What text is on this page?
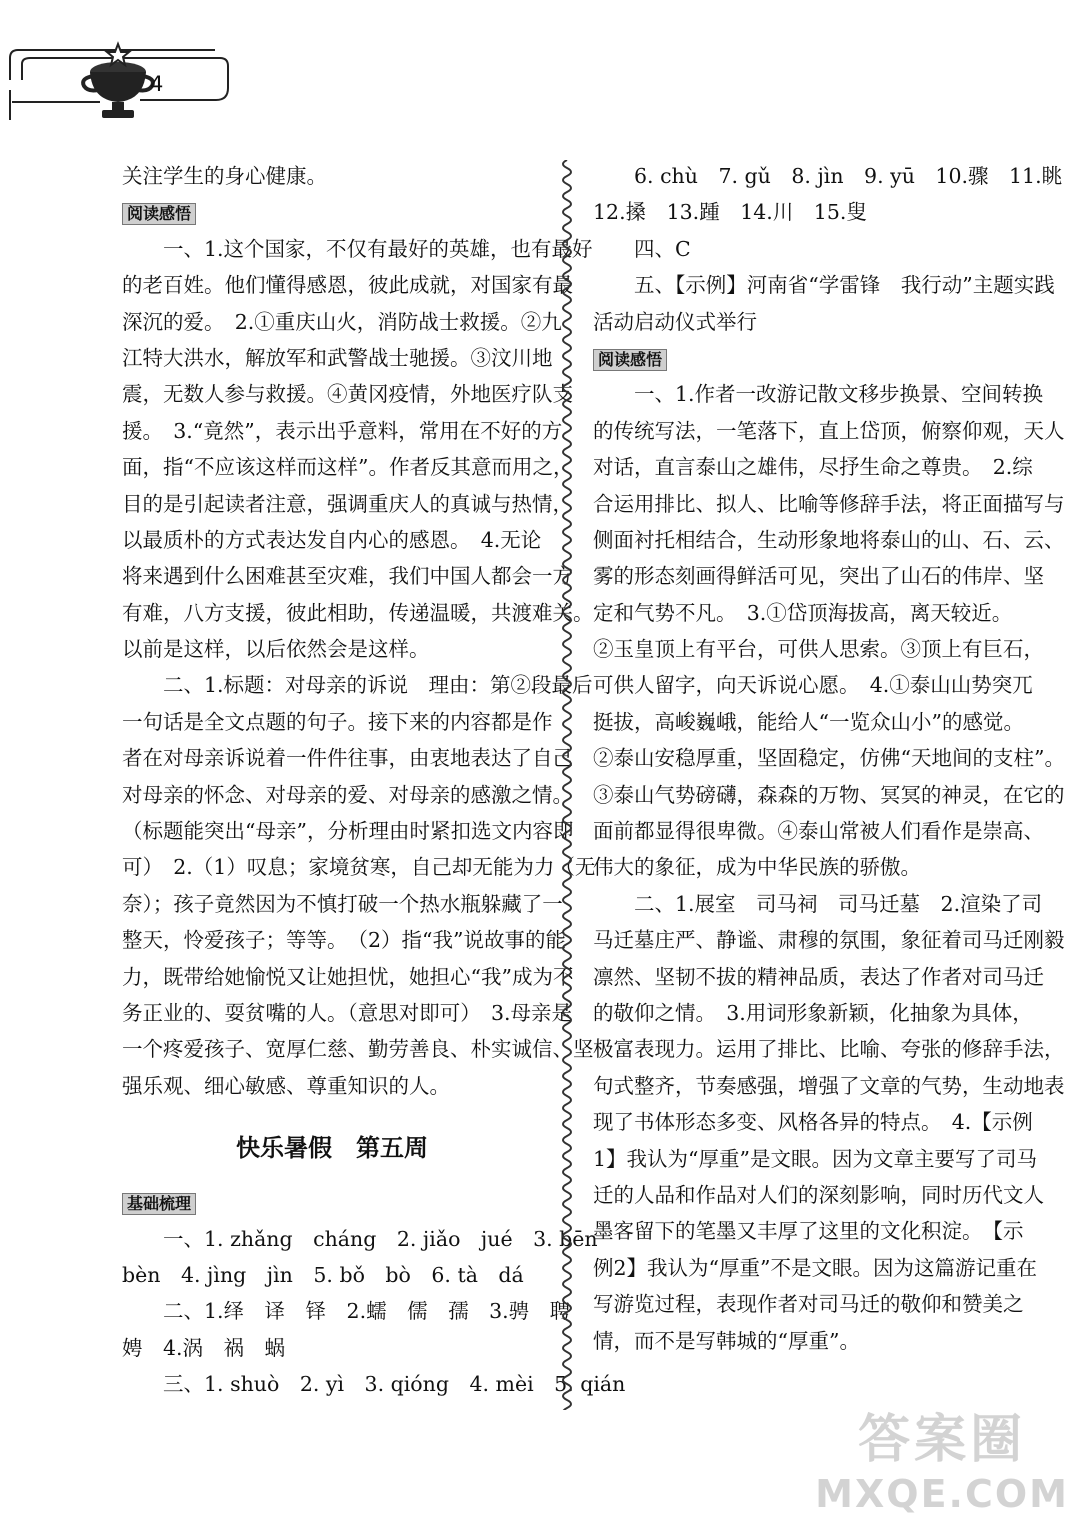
4
关注学生的身心健康。
阅读感悟
一、1.这个国家，不仅有最好的英雄，也有最好
的老百姓。他们懂得感恩，彼此成就，对国家有最
深沉的爱。　2.①重庆山火，消防战士救援。②九
江特大洪水，解放军和武警战士驰援。③汶川地
震，无数人参与救援。④黄冈疫情，外地医疗队支
援。　3.“竟然”，表示出乎意料，常用在不好的方
面，指“不应该这样而这样”。作者反其意而用之，
目的是引起读者注意，强调重庆人的真诚与热情，
以最质朴的方式表达发自内心的感恩。　4.无论
将来遇到什么困难甚至灾难，我们中国人都会一方
有难，八方支援，彼此相助，传递温暖，共渡难关。
以前是这样，以后依然会是这样。
二、1.标题：对母亲的诉说　理由：第②段最后
一句话是全文点题的句子。接下来的内容都是作
者在对母亲诉说着一件件往事，由衷地表达了自己
对母亲的怀念、对母亲的爱、对母亲的感激之情。
（标题能突出“母亲”，分析理由时紧扣选文内容即
可）　2.（1）叹息；家境贫寒，自己却无能为力（无
奈）；孩子竟然因为不慎打破一个热水瓶躲藏了一
整天，怜爱孩子；等等。　（2）指“我”说故事的能
力，既带给她愉悦又让她担忧，她担心“我”成为不
务正业的、耍贫嘴的人。（意思对即可）　3.母亲是
一个疼爱孩子、宽厚仁慈、勤劳善良、朴实诚信、坚
强乐观、细心敏感、尊重知识的人。
快乐暑假　第五周
基础梳理
一、1. zhǎng　cháng　2. jiǎo　jué　3. bēn
bèn　4. jìng　jìn　5. bǒ　bò　6. tà　dá
二、1.绎　译　铎　2.蠕　儒　孺　3.骋　聘
娉　4.涡　祸　蜗
三、1. shuò　2. yì　3. qióng　4. mèi　5. qián
6. chù　7. gǔ　8. jìn　9. yū　10.骤　11.眺
12.搡　13.踵　14.川　15.叟
四、C
五、【示例】河南省“学雷锋　我行动”主题实践
活动启动仪式举行
阅读感悟
一、1.作者一改游记散文移步换景、空间转换
的传统写法，一笔落下，直上岱顶，俯察仰观，天人
对话，直言泰山之雄伟，尽抒生命之尊贵。　2.综
合运用排比、拟人、比喻等修辞手法，将正面描写与
侧面衬托相结合，生动形象地将泰山的山、石、云、
雾的形态刻画得鲜活可见，突出了山石的伟岸、坚
定和气势不凡。　3.①岱顶海拔高，离天较近。
②玉皇顶上有平台，可供人思索。③顶上有巨石，
可供人留字，向天诉说心愿。　4.①泰山山势突兀
挺拔，高峻巍峨，能给人“一览众山小”的感觉。
②泰山安稳厚重，坚固稳定，仿佛“天地间的支柱”。
③泰山气势磅礴，森森的万物、冥冥的神灵，在它的
面前都显得很卑微。④泰山常被人们看作是崇高、
伟大的象征，成为中华民族的骄傲。
二、1.展室　司马祠　司马迁墓　2.渲染了司
马迁墓庄严、静谧、肃穆的氛围，象征着司马迁刚毅
凛然、坚韧不拔的精神品质，表达了作者对司马迁
的敬仰之情。　3.用词形象新颖，化抽象为具体，
极富表现力。运用了排比、比喻、夸张的修辞手法，
句式整齐，节奏感强，增强了文章的气势，生动地表
现了书体形态多变、风格各异的特点。　4.【示例
1】我认为“厚重”是文眼。因为文章主要写了司马
迁的人品和作品对人们的深刻影响，同时历代文人
墨客留下的笔墨又丰厚了这里的文化积淀。　【示
例2】我认为“厚重”不是文眼。因为这篇游记重在
写游览过程，表现作者对司马迁的敬仰和赞美之
情，而不是写韩城的“厚重”。
答案圈
MXQE.COM
